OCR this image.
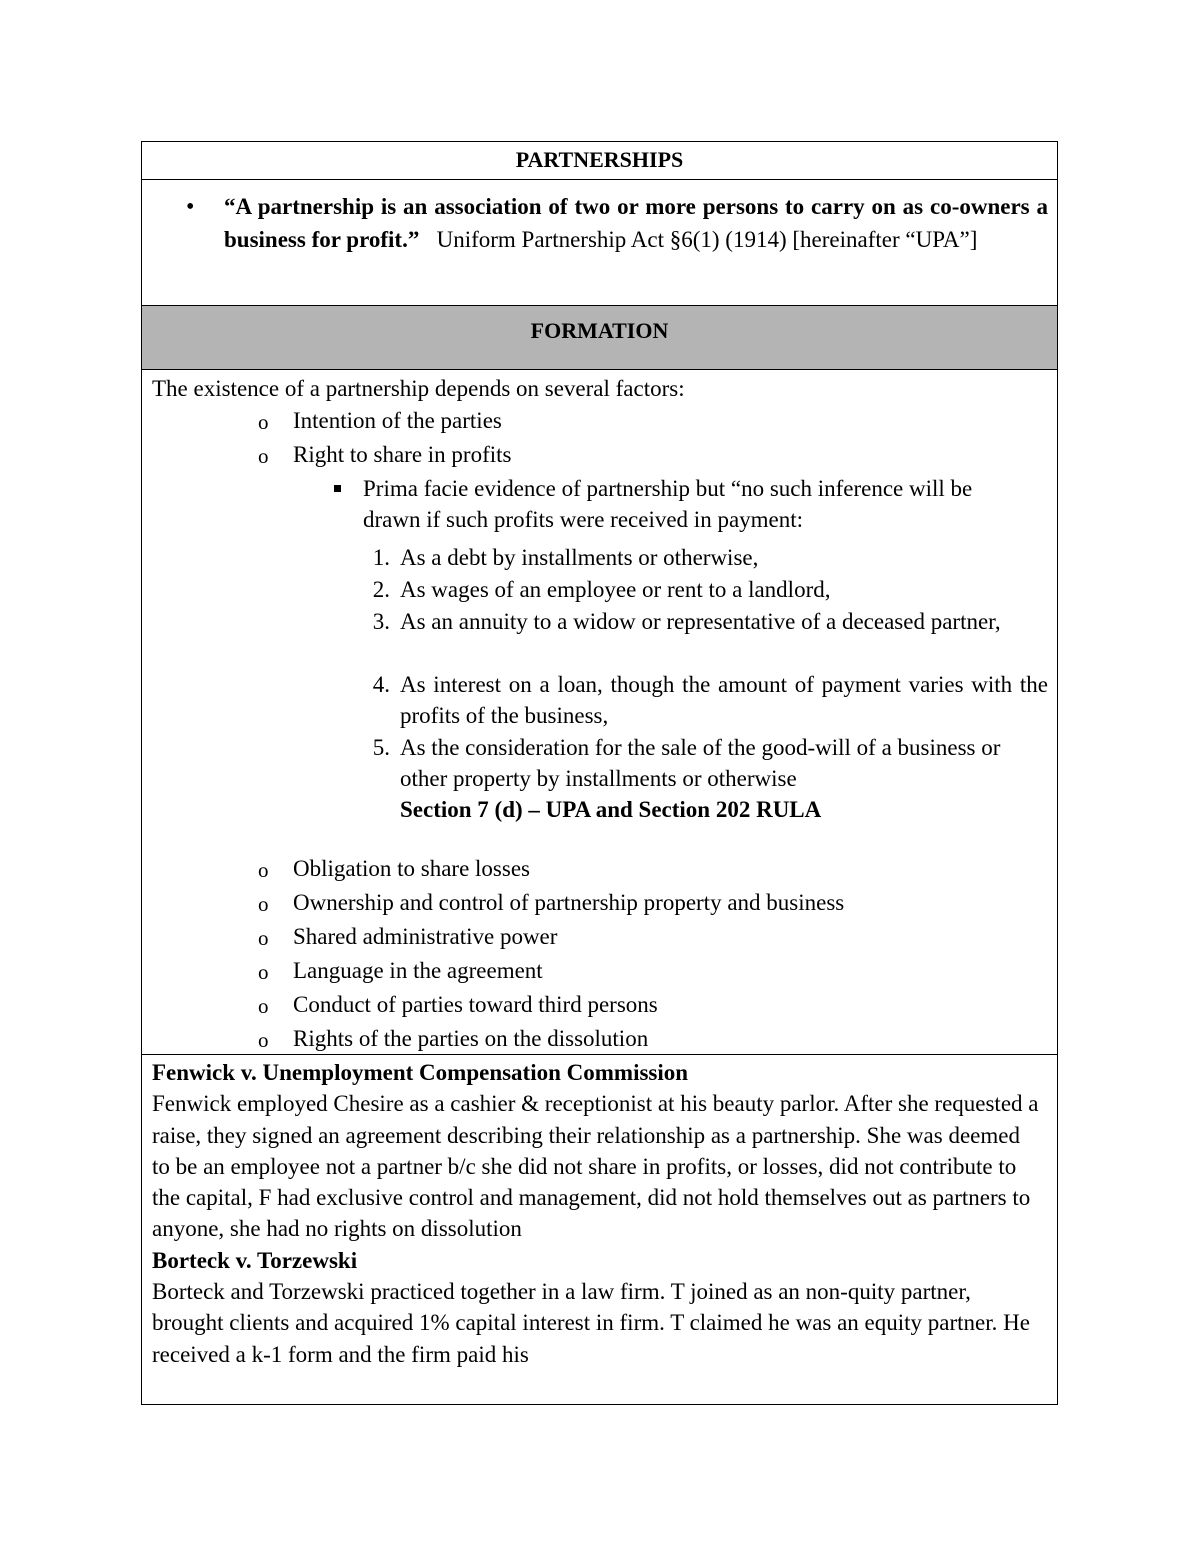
PARTNERSHIPS
• “A partnership is an association of two or more persons to carry on as co-owners a business for profit.” Uniform Partnership Act §6(1) (1914) [hereinafter “UPA”]
FORMATION
The existence of a partnership depends on several factors:
o Intention of the parties
o Right to share in profits
Prima facie evidence of partnership but “no such inference will be drawn if such profits were received in payment:
1. As a debt by installments or otherwise,
2. As wages of an employee or rent to a landlord,
3. As an annuity to a widow or representative of a deceased partner,
4. As interest on a loan, though the amount of payment varies with the profits of the business,
5. As the consideration for the sale of the good-will of a business or other property by installments or otherwise
Section 7 (d) – UPA and Section 202 RULA
o Obligation to share losses
o Ownership and control of partnership property and business
o Shared administrative power
o Language in the agreement
o Conduct of parties toward third persons
o Rights of the parties on the dissolution
Fenwick v. Unemployment Compensation Commission
Fenwick employed Chesire as a cashier & receptionist at his beauty parlor. After she requested a raise, they signed an agreement describing their relationship as a partnership. She was deemed to be an employee not a partner b/c she did not share in profits, or losses, did not contribute to the capital, F had exclusive control and management, did not hold themselves out as partners to anyone, she had no rights on dissolution
Borteck v. Torzewski
Borteck and Torzewski practiced together in a law firm. T joined as an non-quity partner, brought clients and acquired 1% capital interest in firm. T claimed he was an equity partner. He received a k-1 form and the firm paid his
